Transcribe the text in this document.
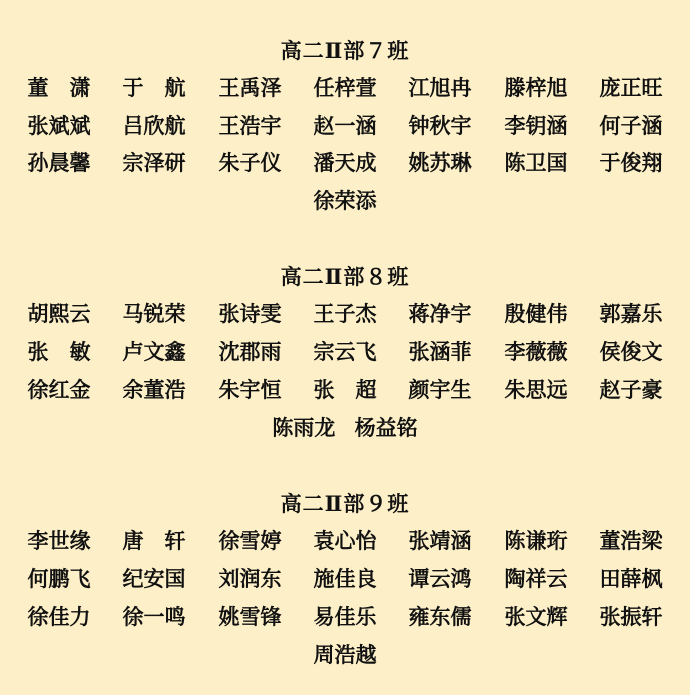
高二Ⅱ部７班
董　潇	于　航	王禹泽	任梓萱	江旭冉	滕梓旭	庞正旺
张斌斌	吕欣航	王浩宇	赵一涵	钟秋宇	李钥涵	何子涵
孙晨馨	宗泽研	朱子仪	潘天成	姚苏琳	陈卫国	于俊翔
徐荣添
高二Ⅱ部８班
胡熙云	马锐荣	张诗雯	王子杰	蒋净宇	殷健伟	郭嘉乐
张　敏	卢文鑫	沈郡雨	宗云飞	张涵菲	李薇薇	侯俊文
徐红金	余董浩	朱宇恒	张　超	颜宇生	朱思远	赵子豪
陈雨龙 杨益铭
高二Ⅱ部９班
李世缘	唐　轩	徐雪婷	袁心怡	张靖涵	陈谦珩	董浩梁
何鹏飞	纪安国	刘润东	施佳良	谭云鸿	陶祥云	田薛枫
徐佳力	徐一鸣	姚雪锋	易佳乐	雍东儒	张文辉	张振轩
周浩越
